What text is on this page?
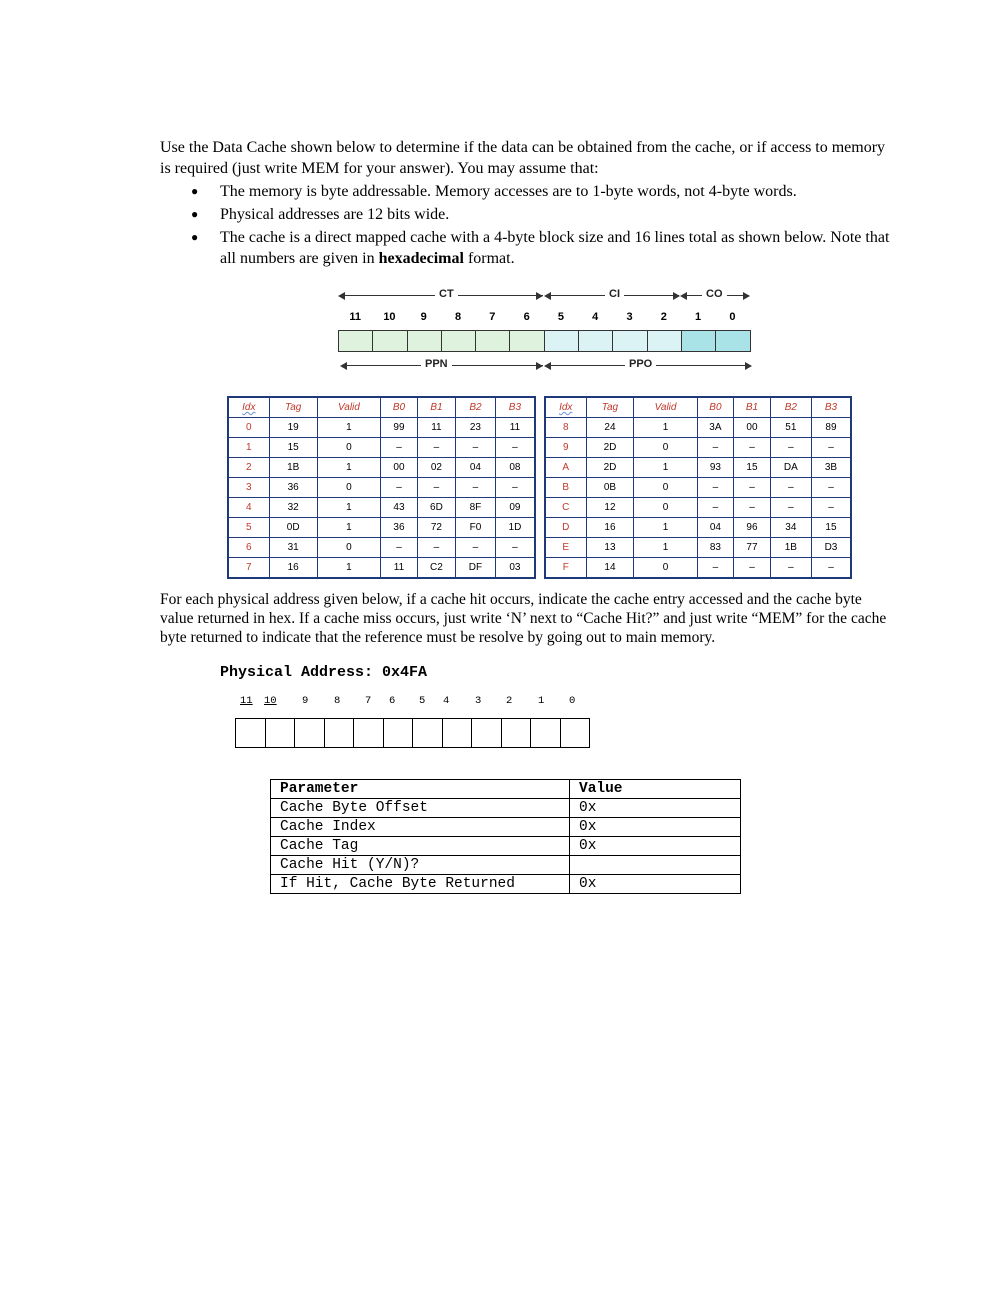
Use the Data Cache shown below to determine if the data can be obtained from the cache, or if access to memory is required (just write MEM for your answer). You may assume that:

● The memory is byte addressable. Memory accesses are to 1-byte words, not 4-byte words.
● Physical addresses are 12 bits wide.
● The cache is a direct mapped cache with a 4-byte block size and 16 lines total as shown below. Note that all numbers are given in hexadecimal format.
CT	CI	CO
11	10	9	8	7	6	5	4	3	2	1	0
PPN	PPO
Idx	Tag	Valid	B0	B1	B2	B3
0	19	1	99	11	23	11
1	15	0	–	–	–	–
2	1B	1	00	02	04	08
3	36	0	–	–	–	–
4	32	1	43	6D	8F	09
5	0D	1	36	72	F0	1D
6	31	0	–	–	–	–
7	16	1	11	C2	DF	03
Idx	Tag	Valid	B0	B1	B2	B3
8	24	1	3A	00	51	89
9	2D	0	–	–	–	–
A	2D	1	93	15	DA	3B
B	0B	0	–	–	–	–
C	12	0	–	–	–	–
D	16	1	04	96	34	15
E	13	1	83	77	1B	D3
F	14	0	–	–	–	–

For each physical address given below, if a cache hit occurs, indicate the cache entry accessed and the cache byte value returned in hex. If a cache miss occurs, just write ‘N’ next to “Cache Hit?” and just write “MEM” for the cache byte returned to indicate that the reference must be resolve by going out to main memory.

Physical Address: 0x4FA
11	10	9	8	7	6	5	4	3	2	1	0
Parameter	Value
Cache Byte Offset	0x
Cache Index	0x
Cache Tag	0x
Cache Hit (Y/N)?	
If Hit, Cache Byte Returned	0x
